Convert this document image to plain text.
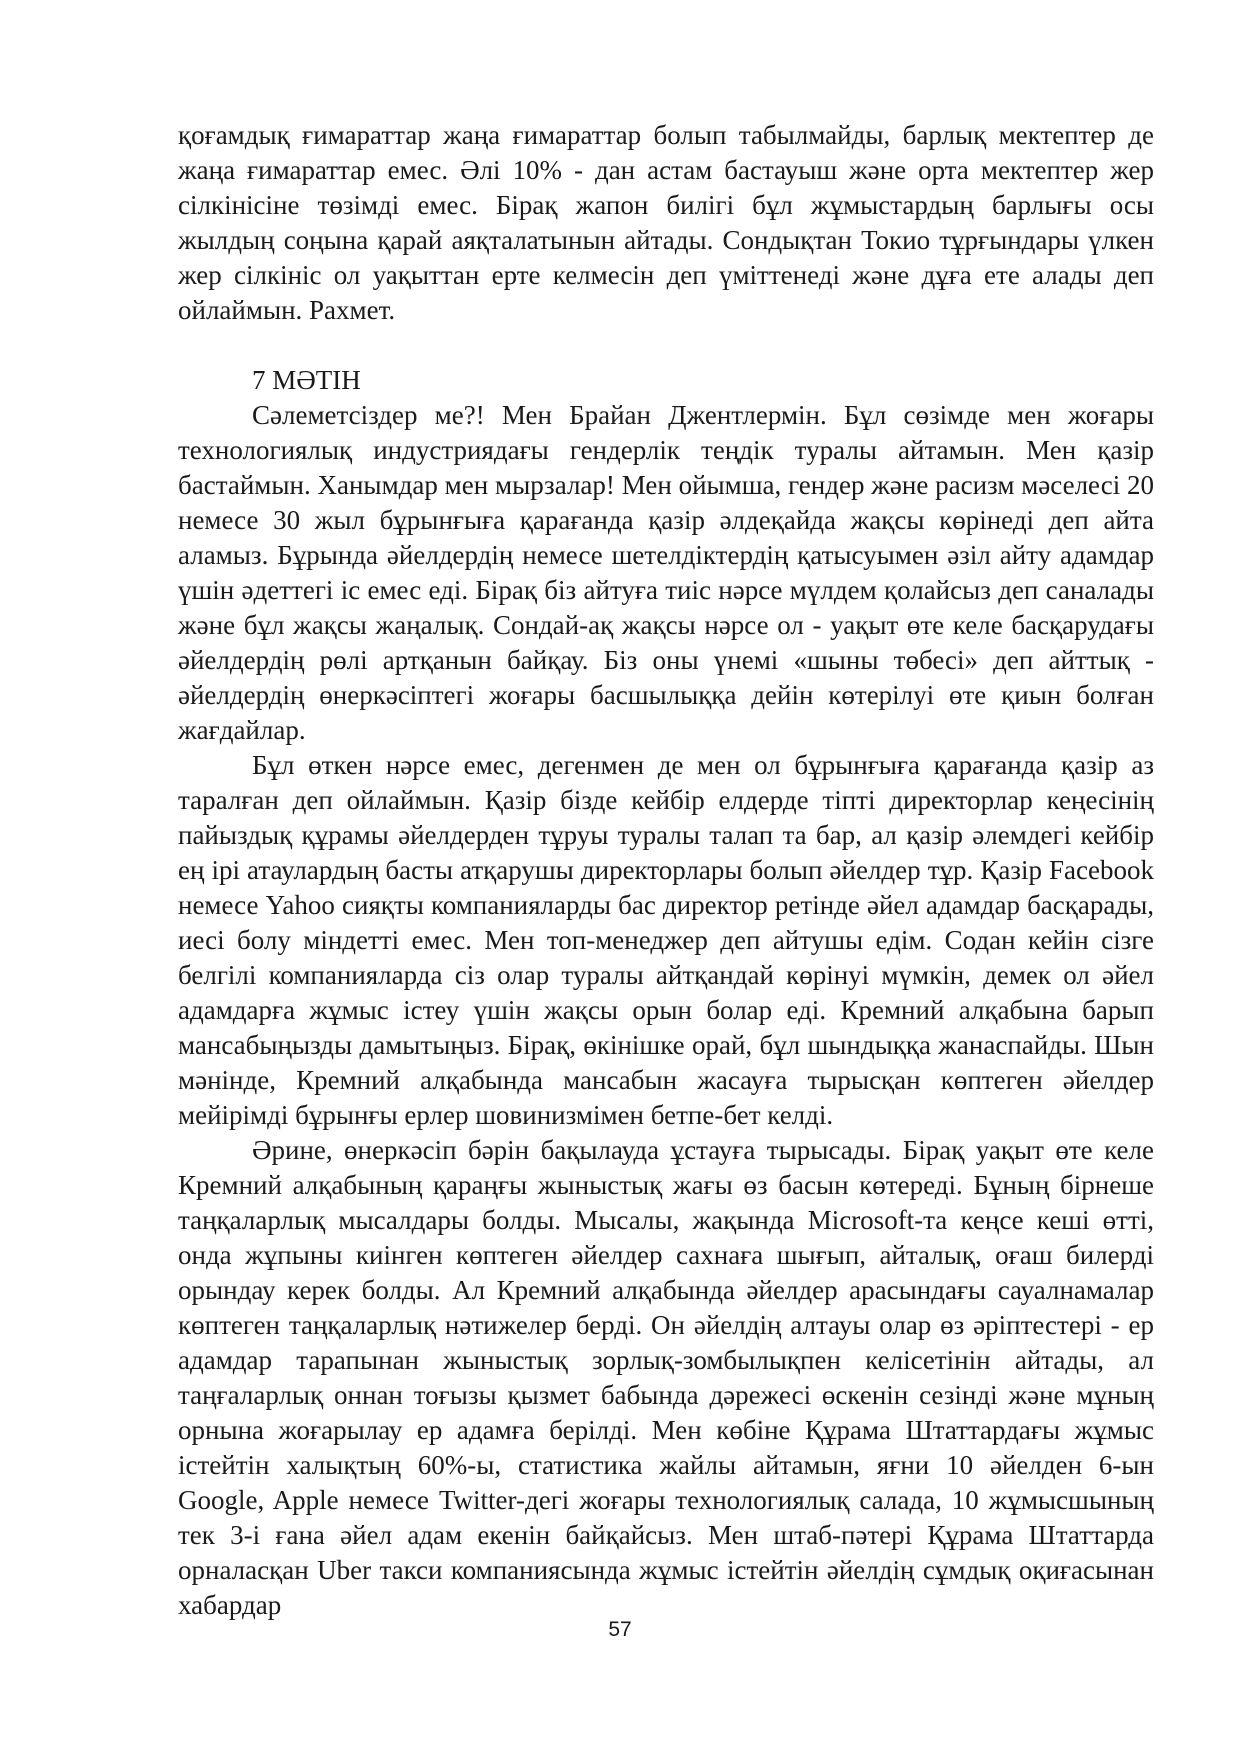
қоғамдық ғимараттар жаңа ғимараттар болып табылмайды, барлық мектептер де жаңа ғимараттар емес. Әлі 10% - дан астам бастауыш және орта мектептер жер сілкінісіне төзімді емес. Бірақ жапон билігі бұл жұмыстардың барлығы осы жылдың соңына қарай аяқталатынын айтады. Сондықтан Токио тұрғындары үлкен жер сілкініс ол уақыттан ерте келмесін деп үміттенеді және дұға ете алады деп ойлаймын. Рахмет.

7 МӘТІН

Сәлеметсіздер ме?! Мен Брайан Джентлермін. Бұл сөзімде мен жоғары технологиялық индустриядағы гендерлік теңдік туралы айтамын. Мен қазір бастаймын. Ханымдар мен мырзалар! Мен ойымша, гендер және расизм мәселесі 20 немесе 30 жыл бұрынғыға қарағанда қазір әлдеқайда жақсы көрінеді деп айта аламыз. Бұрында әйелдердің немесе шетелдіктердің қатысуымен әзіл айту адамдар үшін әдеттегі іс емес еді. Бірақ біз айтуға тиіс нәрсе мүлдем қолайсыз деп саналады және бұл жақсы жаңалық. Сондай-ақ жақсы нәрсе ол - уақыт өте келе басқарудағы әйелдердің рөлі артқанын байқау. Біз оны үнемі «шыны төбесі» деп айттық - әйелдердің өнеркәсіптегі жоғары басшылыққа дейін көтерілуі өте қиын болған жағдайлар.

Бұл өткен нәрсе емес, дегенмен де мен ол бұрынғыға қарағанда қазір аз таралған деп ойлаймын. Қазір бізде кейбір елдерде тіпті директорлар кеңесінің пайыздық құрамы әйелдерден тұруы туралы талап та бар, ал қазір әлемдегі кейбір ең ірі атаулардың басты атқарушы директорлары болып әйелдер тұр. Қазір Facebook немесе Yahoo сияқты компанияларды бас директор ретінде әйел адамдар басқарады, иесі болу міндетті емес. Мен топ-менеджер деп айтушы едім. Содан кейін сізге белгілі компанияларда сіз олар туралы айтқандай көрінуі мүмкін, демек ол әйел адамдарға жұмыс істеу үшін жақсы орын болар еді. Кремний алқабына барып мансабыңызды дамытыңыз. Бірақ, өкінішке орай, бұл шындыққа жанаспайды. Шын мәнінде, Кремний алқабында мансабын жасауға тырысқан көптеген әйелдер мейірімді бұрынғы ерлер шовинизмімен бетпе-бет келді.

Әрине, өнеркәсіп бәрін бақылауда ұстауға тырысады. Бірақ уақыт өте келе Кремний алқабының қараңғы жыныстық жағы өз басын көтереді. Бұның бірнеше таңқаларлық мысалдары болды. Мысалы, жақында Microsoft-та кеңсе кеші өтті, онда жұпыны киінген көптеген әйелдер сахнаға шығып, айталық, оғаш билерді орындау керек болды. Ал Кремний алқабында әйелдер арасындағы сауалнамалар көптеген таңқаларлық нәтижелер берді. Он әйелдің алтауы олар өз әріптестері - ер адамдар тарапынан жыныстық зорлық-зомбылықпен келісетінін айтады, ал таңғаларлық оннан тоғызы қызмет бабында дәрежесі өскенін сезінді және мұның орнына жоғарылау ер адамға берілді. Мен көбіне Құрама Штаттардағы жұмыс істейтін халықтың 60%-ы, статистика жайлы айтамын, яғни 10 әйелден 6-ын Google, Apple немесе Twitter-дегі жоғары технологиялық салада, 10 жұмысшының тек 3-і ғана әйел адам екенін байқайсыз. Мен штаб-пәтері Құрама Штаттарда орналасқан Uber такси компаниясында жұмыс істейтін әйелдің сұмдық оқиғасынан хабардар

57
